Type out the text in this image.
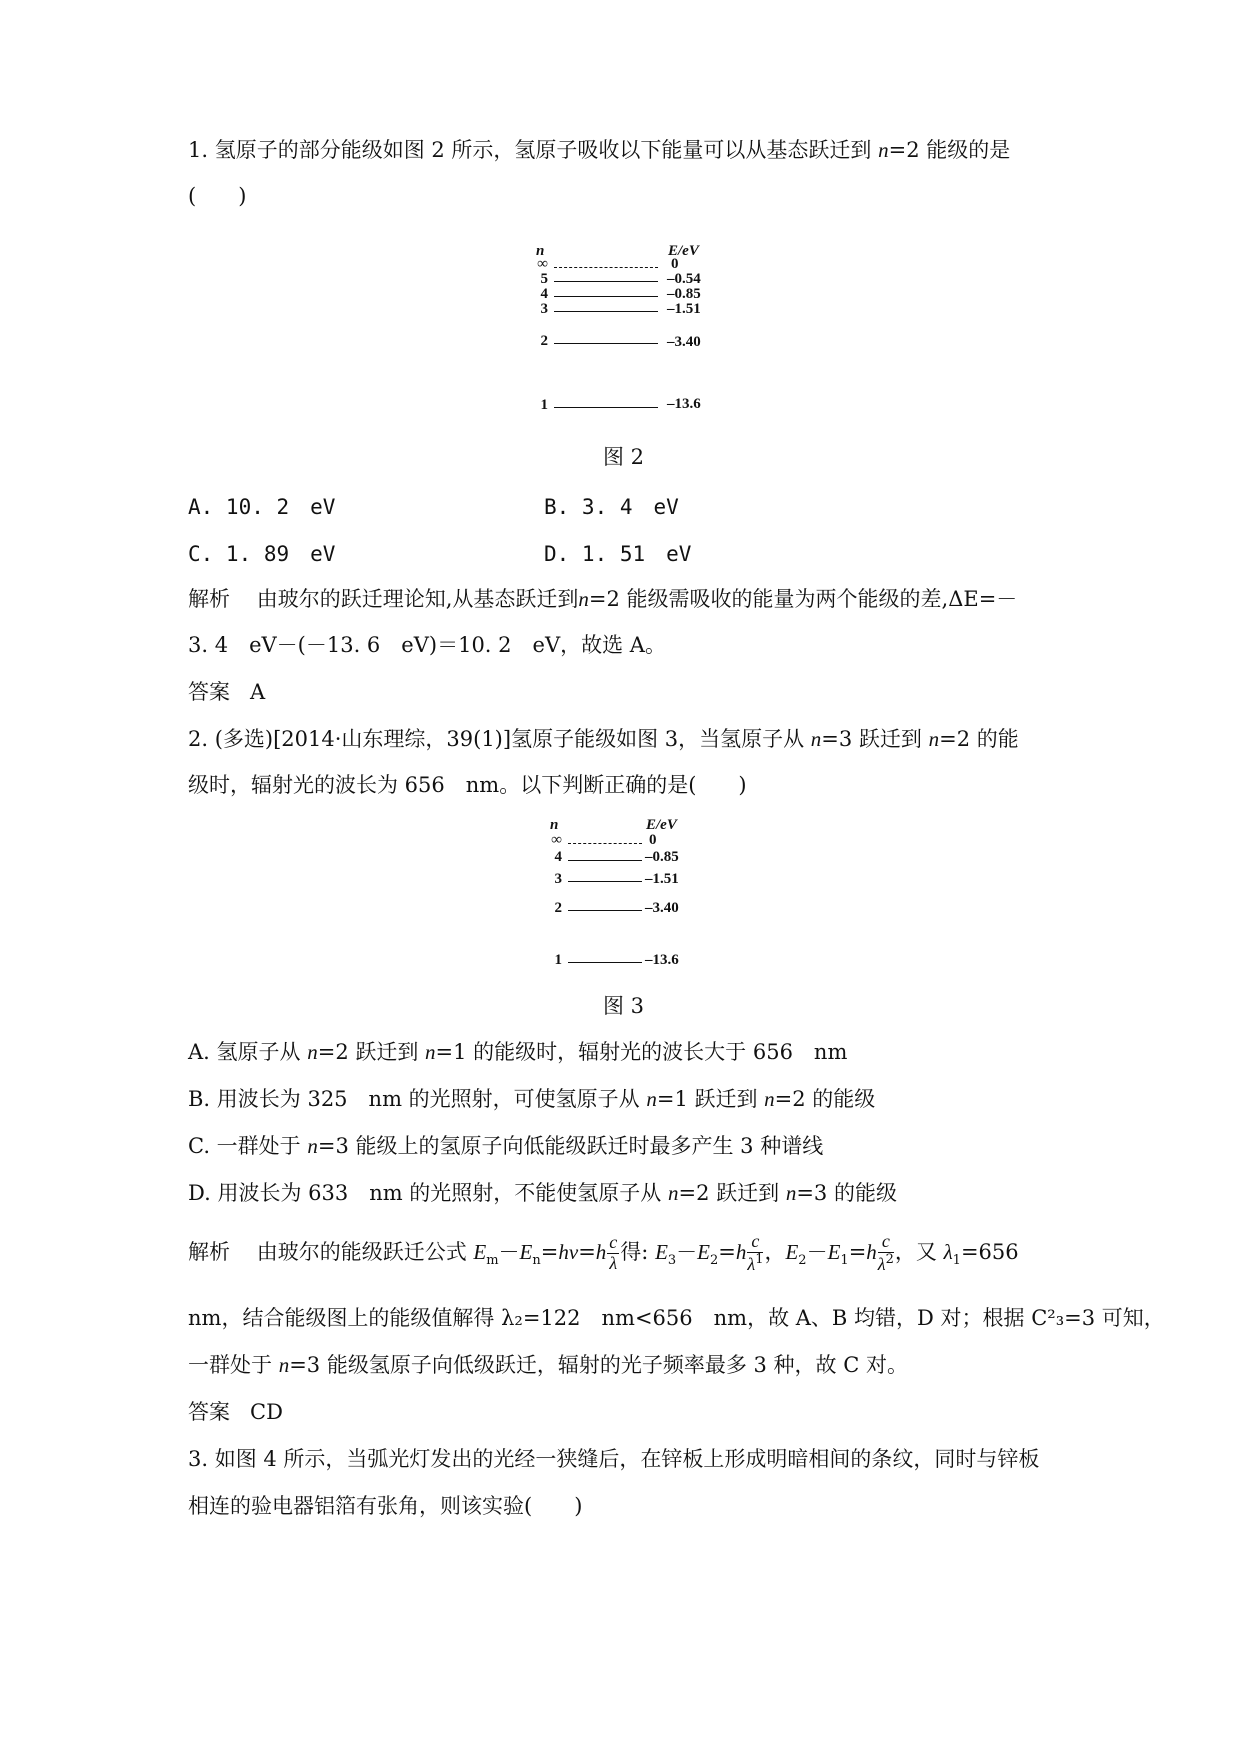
1. 氢原子的部分能级如图 2 所示，氢原子吸收以下能量可以从基态跃迁到 n=2 能级的是
(　　)
n	E/eV
∞	0
5	–0.54
4	–0.85
3	–1.51
2	–3.40
1	–13.6
图 2
A. 10. 2　eV	B. 3. 4　eV
C. 1. 89　eV	D. 1. 51　eV
解析 由玻尔的跃迁理论知,从基态跃迁到n=2 能级需吸收的能量为两个能级的差,ΔE=－
3. 4　eV－(－13. 6　eV)＝10. 2　eV，故选 A。
答案 A
2. (多选)[2014·山东理综，39(1)]氢原子能级如图 3，当氢原子从 n=3 跃迁到 n=2 的能
级时，辐射光的波长为 656　nm。以下判断正确的是(　　)
n	E/eV
∞	0
4	–0.85
3	–1.51
2	–3.40
1	–13.6
图 3
A. 氢原子从 n=2 跃迁到 n=1 的能级时，辐射光的波长大于 656　nm
B. 用波长为 325　nm 的光照射，可使氢原子从 n=1 跃迁到 n=2 的能级
C. 一群处于 n=3 能级上的氢原子向低能级跃迁时最多产生 3 种谱线
D. 用波长为 633　nm 的光照射，不能使氢原子从 n=2 跃迁到 n=3 的能级
解析 由玻尔的能级跃迁公式 $E_m-E_n=h\nu=h \frac{c}{\lambda}$ 得: $E_3-E_2=h \frac{c}{\lambda^1}$ ，$E_2-E_1=h \frac{c}{\lambda^2}$ ，又 $\lambda_1=656$
nm，结合能级图上的能级值解得 λ₂=122　nm<656　nm，故 A、B 均错，D 对；根据 C²₃=3 可知，
一群处于 n=3 能级氢原子向低级跃迁，辐射的光子频率最多 3 种，故 C 对。
答案 CD
3. 如图 4 所示，当弧光灯发出的光经一狭缝后，在锌板上形成明暗相间的条纹，同时与锌板
相连的验电器铝箔有张角，则该实验(　　)
